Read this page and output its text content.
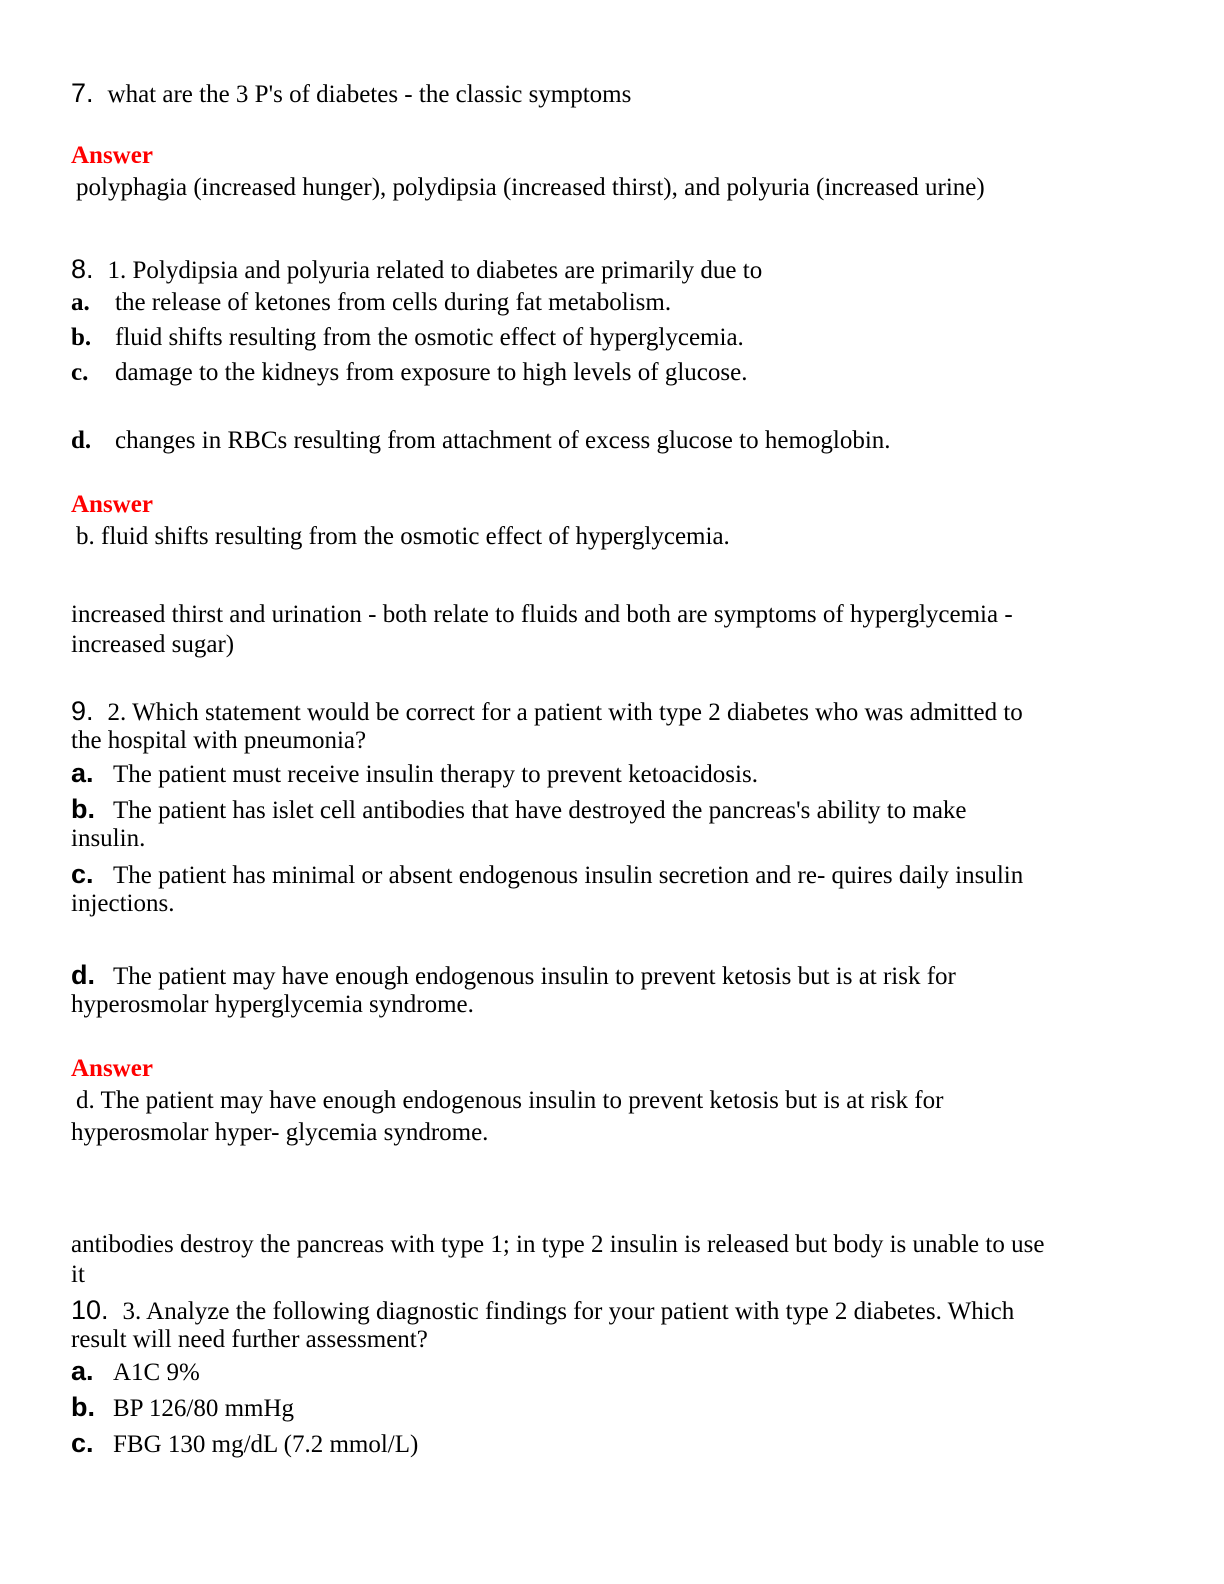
7. what are the 3 P's of diabetes - the classic symptoms
Answer
polyphagia (increased hunger), polydipsia (increased thirst), and polyuria (increased urine)
8. 1. Polydipsia and polyuria related to diabetes are primarily due to
a. the release of ketones from cells during fat metabolism.
b. fluid shifts resulting from the osmotic effect of hyperglycemia.
c. damage to the kidneys from exposure to high levels of glucose.
d. changes in RBCs resulting from attachment of excess glucose to hemoglobin.
Answer
b. fluid shifts resulting from the osmotic effect of hyperglycemia.
increased thirst and urination - both relate to fluids and both are symptoms of hyperglycemia -
increased sugar)
9. 2. Which statement would be correct for a patient with type 2 diabetes who was admitted to
the hospital with pneumonia?
a. The patient must receive insulin therapy to prevent ketoacidosis.
b. The patient has islet cell antibodies that have destroyed the pancreas's ability to make
insulin.
c. The patient has minimal or absent endogenous insulin secretion and re- quires daily insulin
injections.
d. The patient may have enough endogenous insulin to prevent ketosis but is at risk for
hyperosmolar hyperglycemia syndrome.
Answer
d. The patient may have enough endogenous insulin to prevent ketosis but is at risk for
hyperosmolar hyper- glycemia syndrome.
antibodies destroy the pancreas with type 1; in type 2 insulin is released but body is unable to use
it
10. 3. Analyze the following diagnostic findings for your patient with type 2 diabetes. Which
result will need further assessment?
a. A1C 9%
b. BP 126/80 mmHg
c. FBG 130 mg/dL (7.2 mmol/L)
